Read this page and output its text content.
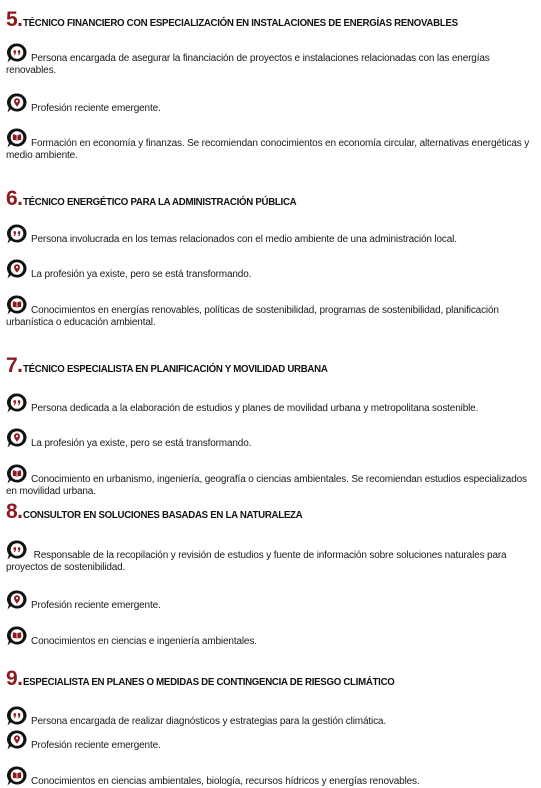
5. TÉCNICO FINANCIERO CON ESPECIALIZACIÓN EN INSTALACIONES DE ENERGÍAS RENOVABLES
Persona encargada de asegurar la financiación de proyectos e instalaciones relacionadas con las energías renovables.
Profesión reciente emergente.
Formación en economía y finanzas. Se recomiendan conocimientos en economía circular, alternativas energéticas y medio ambiente.
6. TÉCNICO ENERGÉTICO PARA LA ADMINISTRACIÓN PÚBLICA
Persona involucrada en los temas relacionados con el medio ambiente de una administración local.
La profesión ya existe, pero se está transformando.
Conocimientos en energías renovables, políticas de sostenibilidad, programas de sostenibilidad, planificación urbanística o educación ambiental.
7. TÉCNICO ESPECIALISTA EN PLANIFICACIÓN Y MOVILIDAD URBANA
Persona dedicada a la elaboración de estudios y planes de movilidad urbana y metropolitana sostenible.
La profesión ya existe, pero se está transformando.
Conocimiento en urbanismo, ingeniería, geografía o ciencias ambientales. Se recomiendan estudios especializados en movilidad urbana.
8. CONSULTOR EN SOLUCIONES BASADAS EN LA NATURALEZA
Responsable de la recopilación y revisión de estudios y fuente de información sobre soluciones naturales para proyectos de sostenibilidad.
Profesión reciente emergente.
Conocimientos en ciencias e ingeniería ambientales.
9. ESPECIALISTA EN PLANES O MEDIDAS DE CONTINGENCIA DE RIESGO CLIMÁTICO
Persona encargada de realizar diagnósticos y estrategias para la gestión climática.
Profesión reciente emergente.
Conocimientos en ciencias ambientales, biología, recursos hídricos y energías renovables.
